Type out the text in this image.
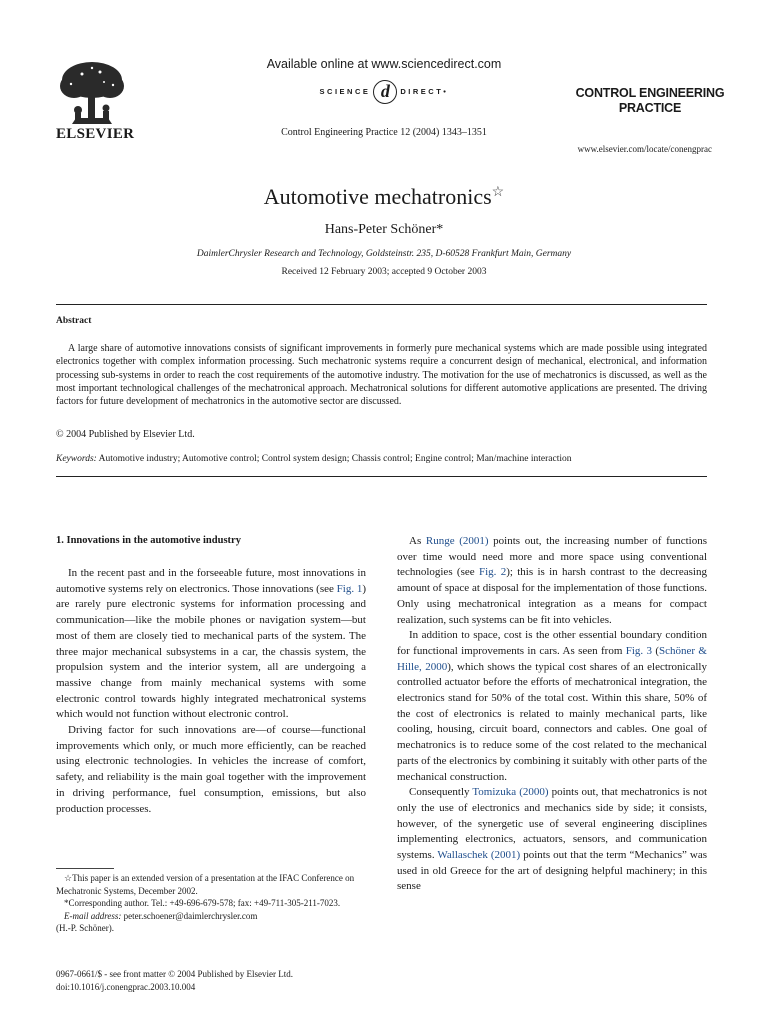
ELSEVIER
Available online at www.sciencedirect.com
SCIENCE d DIRECT•
Control Engineering Practice 12 (2004) 1343–1351
CONTROL ENGINEERING
PRACTICE
www.elsevier.com/locate/conengprac
Automotive mechatronics☆
Hans-Peter Schöner*
DaimlerChrysler Research and Technology, Goldsteinstr. 235, D-60528 Frankfurt Main, Germany
Received 12 February 2003; accepted 9 October 2003
Abstract

A large share of automotive innovations consists of significant improvements in formerly pure mechanical systems which are made possible using integrated electronics together with complex information processing. Such mechatronic systems require a concurrent design of mechanical, electronical, and information processing sub-systems in order to reach the cost requirements of the automotive industry. The motivation for the use of mechatronics is discussed, as well as the most important technological challenges of the mechatronical approach. Mechatronical solutions for different automotive applications are presented. The driving factors for future development of mechatronics in the automotive sector are discussed.

© 2004 Published by Elsevier Ltd.
Keywords: Automotive industry; Automotive control; Control system design; Chassis control; Engine control; Man/machine interaction
1. Innovations in the automotive industry

In the recent past and in the forseeable future, most innovations in automotive systems rely on electronics. Those innovations (see Fig. 1) are rarely pure electronic systems for information processing and communication—like the mobile phones or navigation system—but most of them are closely tied to mechanical parts of the system. The three major mechanical subsystems in a car, the chassis system, the propulsion system and the interior system, all are undergoing a massive change from mainly mechanical systems with some electronic control towards highly integrated mechatronical systems which would not function without electronic control.

Driving factor for such innovations are—of course—functional improvements which only, or much more efficiently, can be reached using electronic technologies. In vehicles the increase of comfort, safety, and reliability is the main goal together with the improvement in driving performance, fuel consumption, emissions, but also production processes.

As Runge (2001) points out, the increasing number of functions over time would need more and more space using conventional technologies (see Fig. 2); this is in harsh contrast to the decreasing amount of space at disposal for the implementation of those functions. Only using mechatronical integration as a means for compact realization, such systems can be fit into vehicles.

In addition to space, cost is the other essential boundary condition for functional improvements in cars. As seen from Fig. 3 (Schöner & Hille, 2000), which shows the typical cost shares of an electronically controlled actuator before the efforts of mechatronical integration, the electronics stand for 50% of the total cost. Within this share, 50% of the cost of electronics is related to mainly mechanical parts, like cooling, housing, circuit board, connectors and cables. One goal of mechatronics is to reduce some of the cost related to the mechanical parts of the electronics by combining it suitably with other parts of the mechanical construction.

Consequently Tomizuka (2000) points out, that mechatronics is not only the use of electronics and mechanics side by side; it consists, however, of the synergetic use of several engineering disciplines implementing electronics, actuators, sensors, and communication systems. Wallaschek (2001) points out that the term “Mechanics” was used in old Greece for the art of designing helpful machinery; in this sense

☆This paper is an extended version of a presentation at the IFAC Conference on Mechatronic Systems, December 2002.

*Corresponding author. Tel.: +49-696-679-578; fax: +49-711-305-211-7023.

E-mail address: peter.schoener@daimlerchrysler.com

(H.-P. Schöner).
0967-0661/$ - see front matter © 2004 Published by Elsevier Ltd.
doi:10.1016/j.conengprac.2003.10.004
